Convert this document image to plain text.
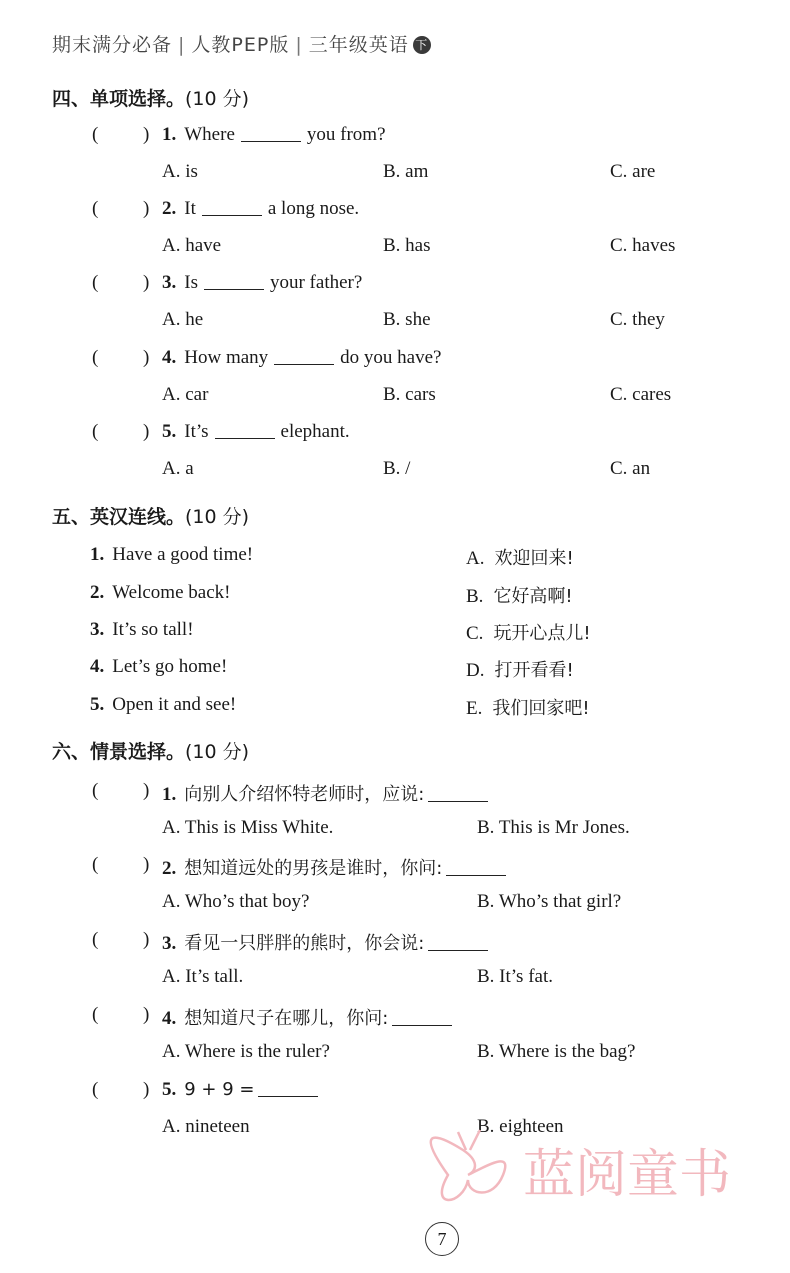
期末满分必备 | 人教PEP版 | 三年级英语 下
四、单项选择。(10 分)
( ) 1. Where	you from?
A. is	B. am	C. are
( ) 2. It	a long nose.
A. have	B. has	C. haves
( ) 3. Is	your father?
A. he	B. she	C. they
( ) 4. How many	do you have?
A. car	B. cars	C. cares
( ) 5. It’s	elephant.
A. a	B. /	C. an
五、英汉连线。(10 分)
1. Have a good time!	A. 欢迎回来!
2. Welcome back!	B. 它好高啊!
3. It’s so tall!	C. 玩开心点儿!
4. Let’s go home!	D. 打开看看!
5. Open it and see!	E. 我们回家吧!
六、情景选择。(10 分)
( ) 1. 向别人介绍怀特老师时，应说:
A. This is Miss White.	B. This is Mr Jones.
( ) 2. 想知道远处的男孩是谁时，你问:
A. Who’s that boy?	B. Who’s that girl?
( ) 3. 看见一只胖胖的熊时，你会说:
A. It’s tall.	B. It’s fat.
( ) 4. 想知道尺子在哪儿，你问:
A. Where is the ruler?	B. Where is the bag?
( ) 5. 9 + 9 =
A. nineteen	B. eighteen
蓝阅童书
7
